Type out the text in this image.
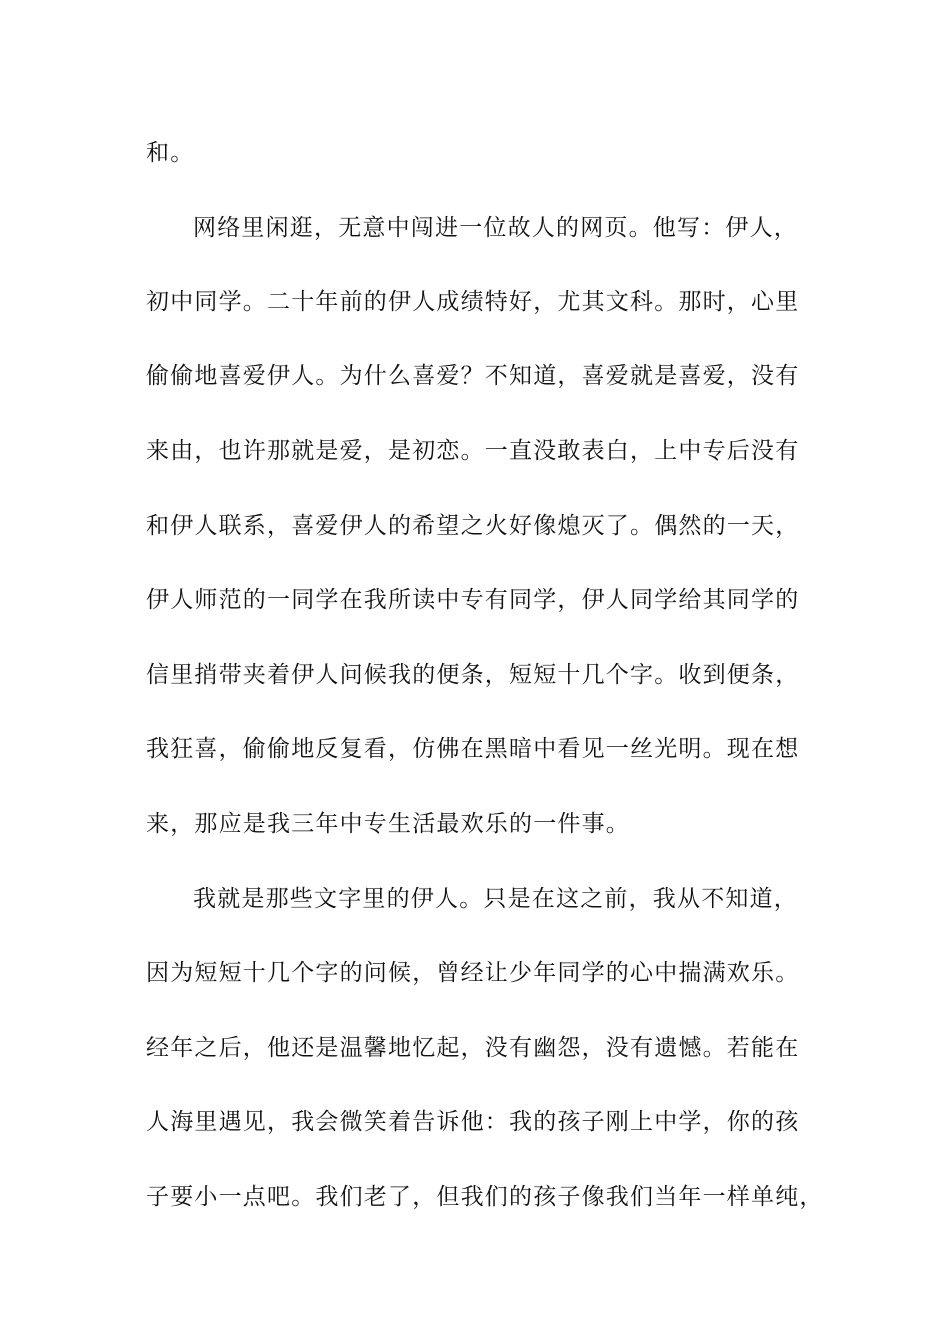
和。
网络里闲逛，无意中闯进一位故人的网页。他写：伊人，
初中同学。二十年前的伊人成绩特好，尤其文科。那时，心里
偷偷地喜爱伊人。为什么喜爱？不知道，喜爱就是喜爱，没有
来由，也许那就是爱，是初恋。一直没敢表白，上中专后没有
和伊人联系，喜爱伊人的希望之火好像熄灭了。偶然的一天，
伊人师范的一同学在我所读中专有同学，伊人同学给其同学的
信里捎带夹着伊人问候我的便条，短短十几个字。收到便条，
我狂喜，偷偷地反复看，仿佛在黑暗中看见一丝光明。现在想
来，那应是我三年中专生活最欢乐的一件事。
我就是那些文字里的伊人。只是在这之前，我从不知道，
因为短短十几个字的问候，曾经让少年同学的心中揣满欢乐。
经年之后，他还是温馨地忆起，没有幽怨，没有遗憾。若能在
人海里遇见，我会微笑着告诉他：我的孩子刚上中学，你的孩
子要小一点吧。我们老了，但我们的孩子像我们当年一样单纯，
